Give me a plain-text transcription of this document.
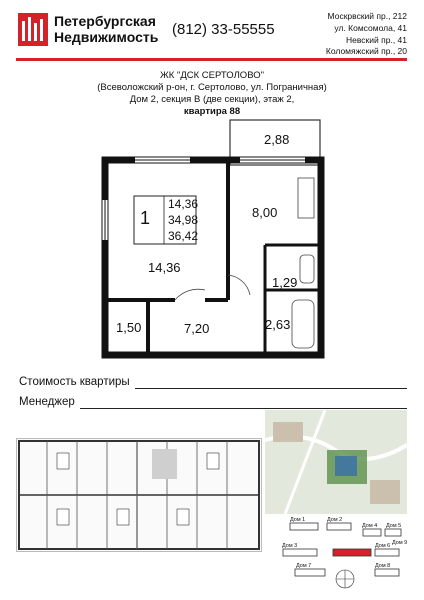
Петербургская
Недвижимость (812) 33-55555
Москрвский пр., 212
ул. Комсомола, 41
Невский пр., 41
Коломяжский пр., 20
ЖК "ДСК СЕРТОЛОВО"
(Всеволожский р-он, г. Сертолово, ул. Пограничная)
Дом 2, секция В (две секции), этаж 2,
квартира 88
1
14,36
34,98
36,42
14,36
8,00
2,88
1,29
2,63
7,20
1,50
Стоимость квартиры
Менеджер
Дом 1	Дом 2
Дом 3
Дом 4 Дом 5
Дом 6
Дом 7	Дом 8
Дом 9
